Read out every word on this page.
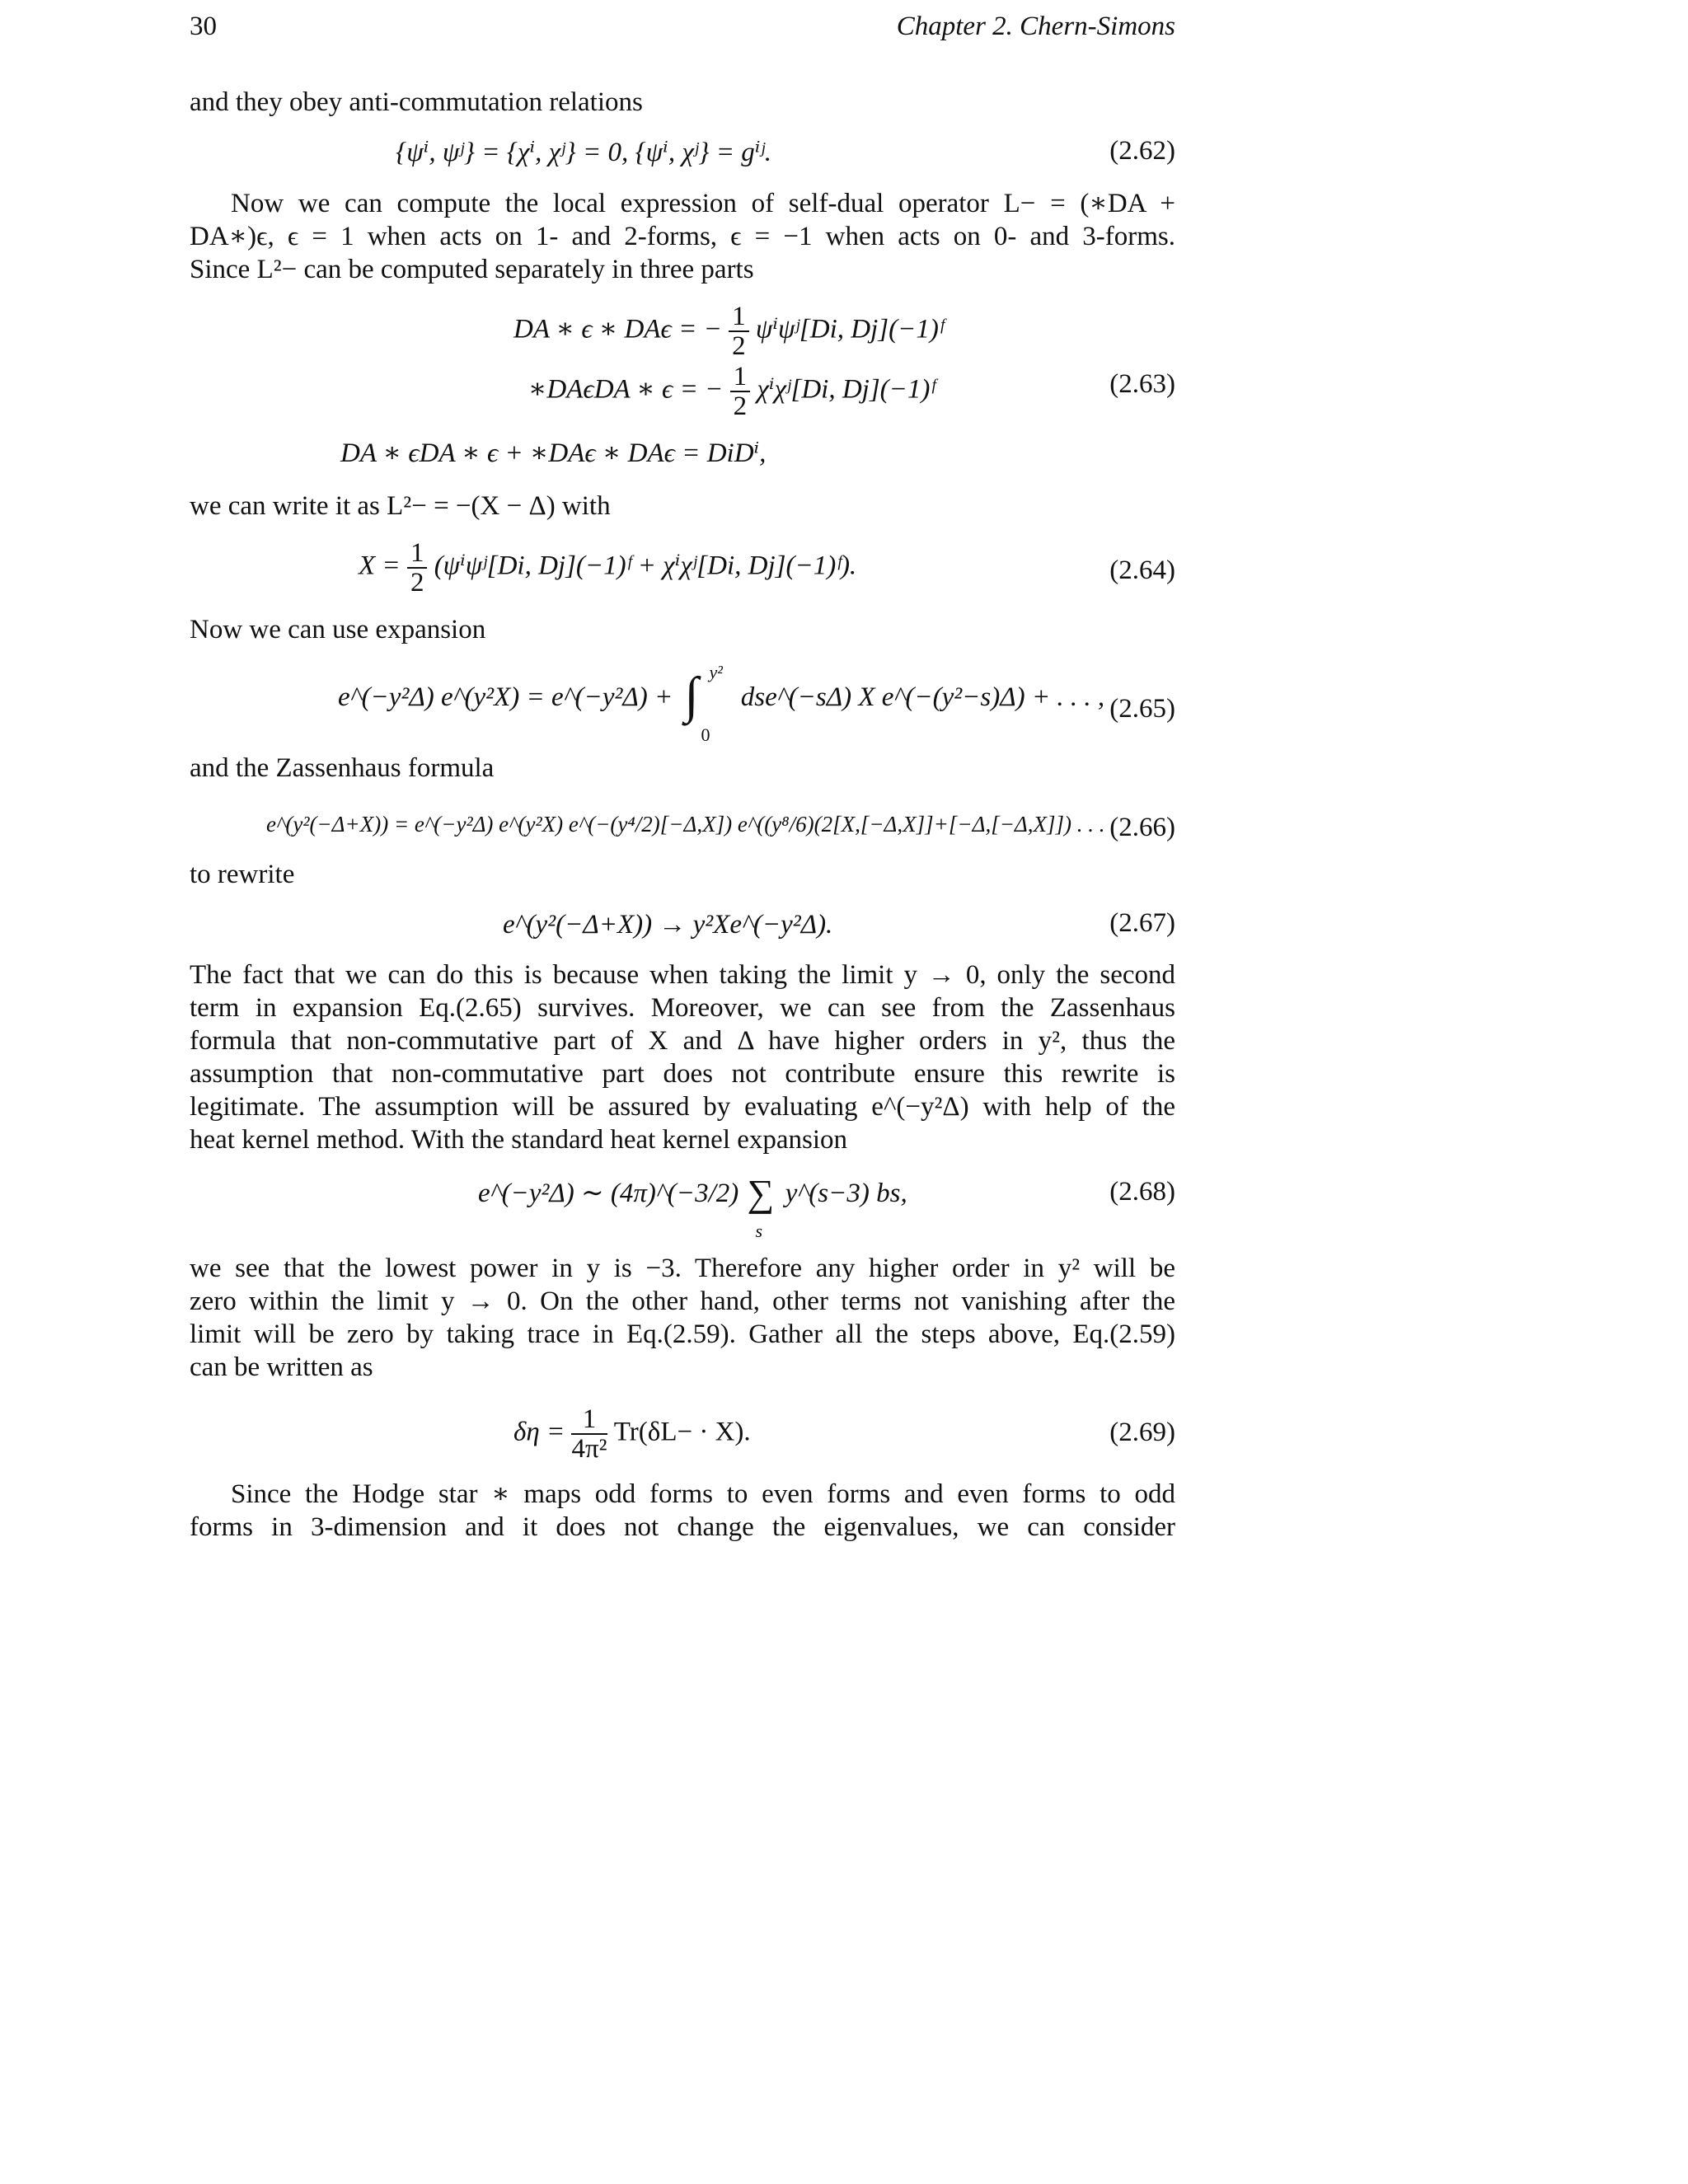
30	Chapter 2. Chern-Simons
and they obey anti-commutation relations
{ψⁱ, ψʲ} = {χⁱ, χʲ} = 0, {ψⁱ, χʲ} = gⁱʲ.	(2.62)
Now we can compute the local expression of self-dual operator L− = (∗DA +
DA∗)ϵ, ϵ = 1 when acts on 1- and 2-forms, ϵ = −1 when acts on 0- and 3-forms.
Since L²− can be computed separately in three parts
DA ∗ ϵ ∗ DAϵ = − $\frac{1}{2}$ ψⁱψʲ[Di, Dj](−1)ᶠ
∗DAϵDA ∗ ϵ = − $\frac{1}{2}$ χⁱχʲ[Di, Dj](−1)ᶠ	(2.63)
DA ∗ ϵDA ∗ ϵ + ∗DAϵ ∗ DAϵ = DiDⁱ,
we can write it as L²− = −(X − Δ) with
$X = \frac{1}{2}$ (ψⁱψʲ[Di, Dj](−1)ᶠ + χⁱχʲ[Di, Dj](−1)ᶠ).	(2.64)
Now we can use expansion
e^(−y²Δ) e^(y²X) = e^(−y²Δ) + ∫ y²
0
dse^(−sΔ) X e^(−(y²−s)Δ) + . . . , (2.65)
and the Zassenhaus formula
e^(y²(−Δ+X)) = e^(−y²Δ) e^(y²X) e^(−(y⁴/2)[−Δ,X]) e^((y⁸/6)(2[X,[−Δ,X]]+[−Δ,[−Δ,X]]) . . . (2.66)
to rewrite
e^(y²(−Δ+X)) → y²Xe^(−y²Δ).	(2.67)
The fact that we can do this is because when taking the limit y → 0, only the second
term in expansion Eq.(2.65) survives. Moreover, we can see from the Zassenhaus
formula that non-commutative part of X and Δ have higher orders in y², thus the
assumption that non-commutative part does not contribute ensure this rewrite is
legitimate. The assumption will be assured by evaluating e^(−y²Δ) with help of the
heat kernel method. With the standard heat kernel expansion
e^(−y²Δ) ∼ (4π)^(−3/2) ∑
s
y^(s−3) bs,	(2.68)
we see that the lowest power in y is −3. Therefore any higher order in y² will be
zero within the limit y → 0. On the other hand, other terms not vanishing after the
limit will be zero by taking trace in Eq.(2.59). Gather all the steps above, Eq.(2.59)
can be written as
$\delta\eta = \frac{1}{\text{4π²}} Tr(\delta L- \cdot X)$.	(2.69)
Since the Hodge star ∗ maps odd forms to even forms and even forms to odd
forms in 3-dimension and it does not change the eigenvalues, we can consider
